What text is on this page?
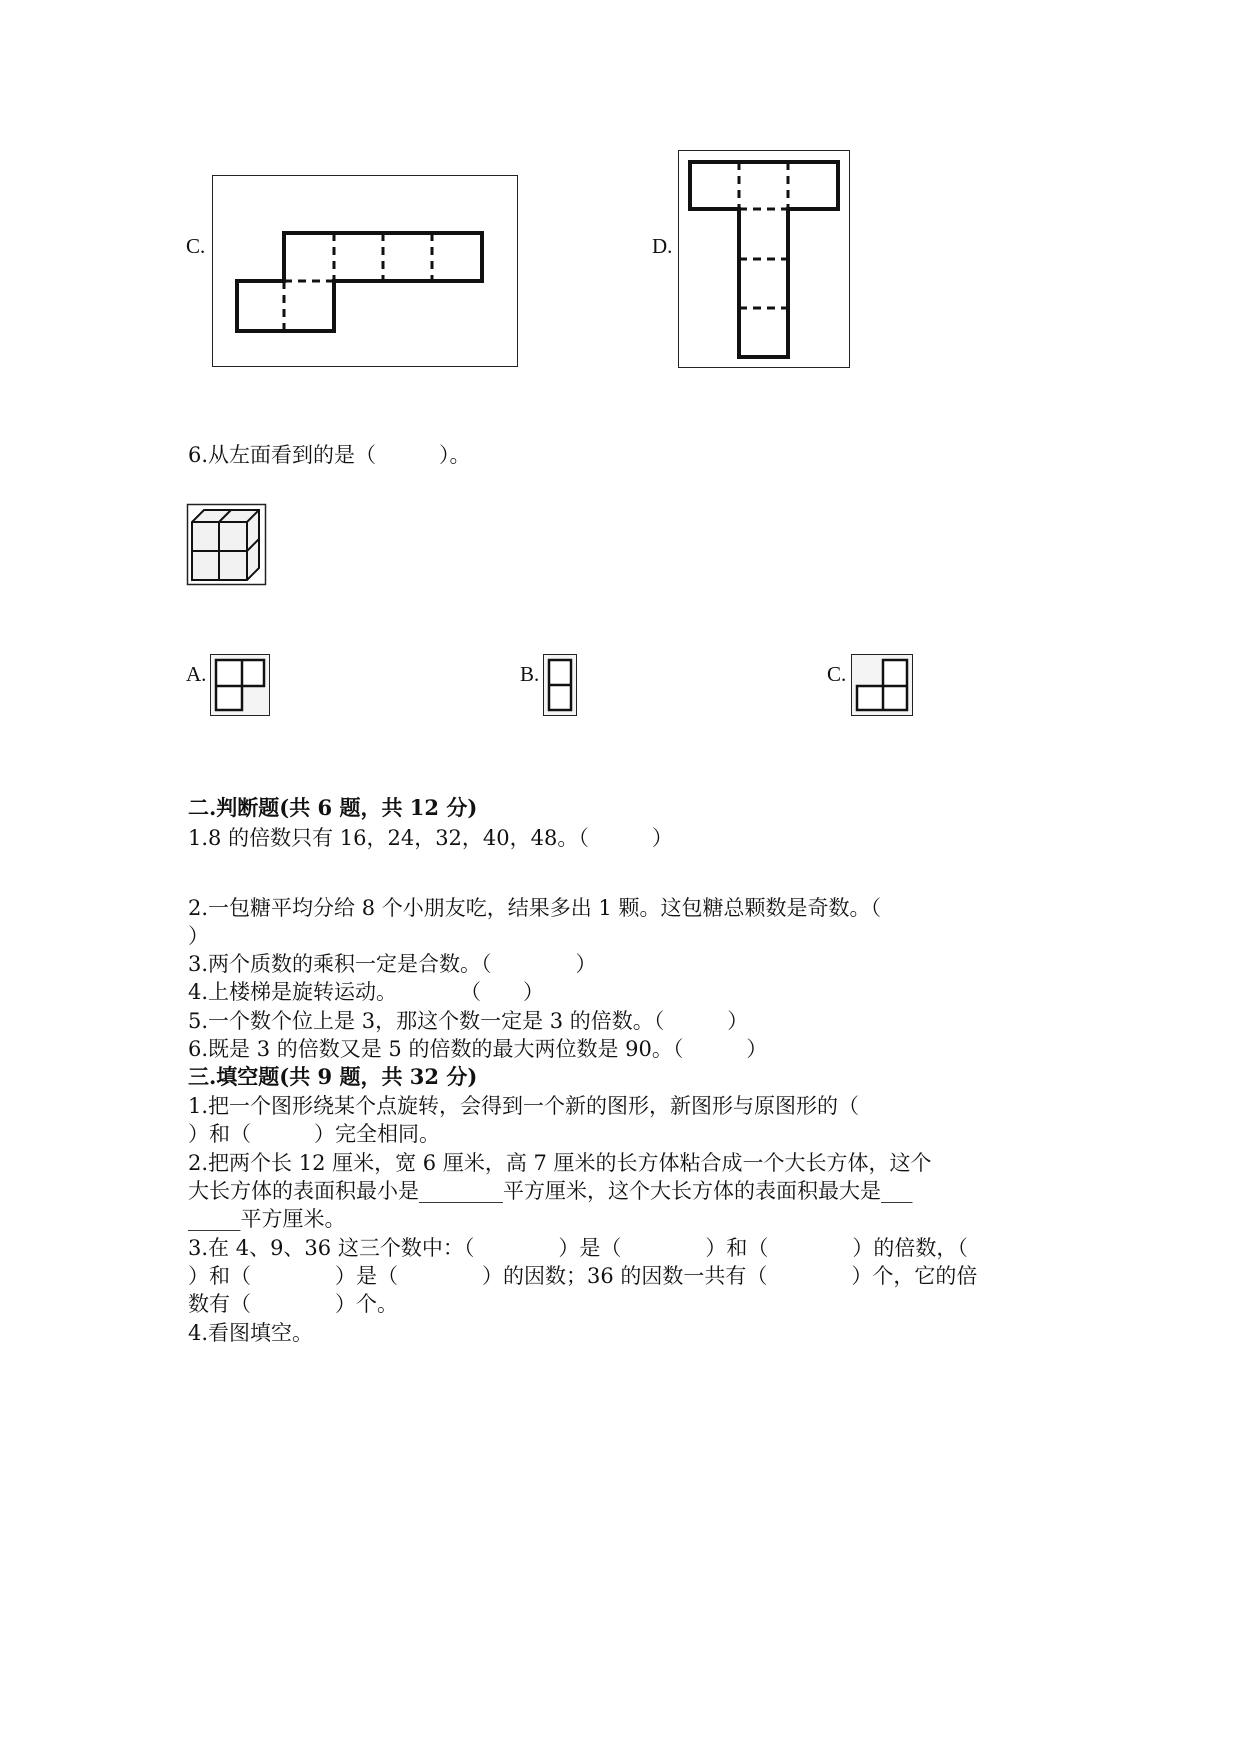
C.	D.
6.从左面看到的是（　　　）。
A.	B.	C.
二.判断题(共 6 题，共 12 分)
1.8 的倍数只有 16，24，32，40，48。（　　　）
2.一包糖平均分给 8 个小朋友吃，结果多出 1 颗。这包糖总颗数是奇数。（
）
3.两个质数的乘积一定是合数。（　　　　）
4.上楼梯是旋转运动。　　　　（　　）
5.一个数个位上是 3，那这个数一定是 3 的倍数。（　　　）
6.既是 3 的倍数又是 5 的倍数的最大两位数是 90。（　　　）
三.填空题(共 9 题，共 32 分)
1.把一个图形绕某个点旋转，会得到一个新的图形，新图形与原图形的（
）和（　　　）完全相同。
2.把两个长 12 厘米，宽 6 厘米，高 7 厘米的长方体粘合成一个大长方体，这个
大长方体的表面积最小是________平方厘米，这个大长方体的表面积最大是___
_____平方厘米。
3.在 4、9、36 这三个数中：（　　　　）是（　　　　）和（　　　　）的倍数，（
）和（　　　　）是（　　　　）的因数；36 的因数一共有（　　　　）个，它的倍
数有（　　　　）个。
4.看图填空。
